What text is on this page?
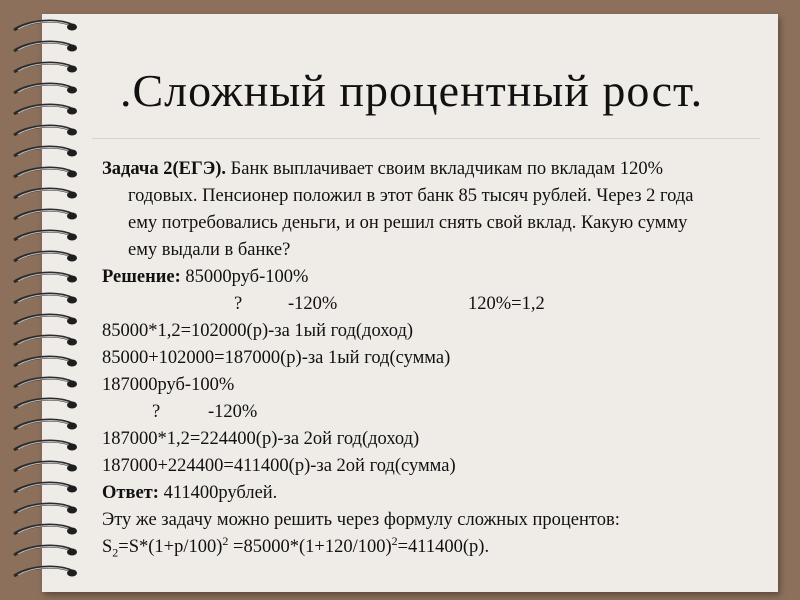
.Сложный процентный рост.
Задача 2(ЕГЭ). Банк выплачивает своим вкладчикам по вкладам 120%
годовых. Пенсионер положил в этот банк 85 тысяч рублей. Через 2 года
ему потребовались деньги, и он решил снять свой вклад. Какую сумму
ему выдали в банке?
Решение: 85000руб-100%
? -120%	120%=1,2
85000*1,2=102000(р)-за 1ый год(доход)
85000+102000=187000(р)-за 1ый год(сумма)
187000руб-100%
?	-120%
187000*1,2=224400(р)-за 2ой год(доход)
187000+224400=411400(р)-за 2ой год(сумма)
Ответ: 411400рублей.
Эту же задачу можно решить через формулу сложных процентов:
$S_2=S*(1+р/100)^2 =85000*(1+120/100)^2=411400(р)$.
